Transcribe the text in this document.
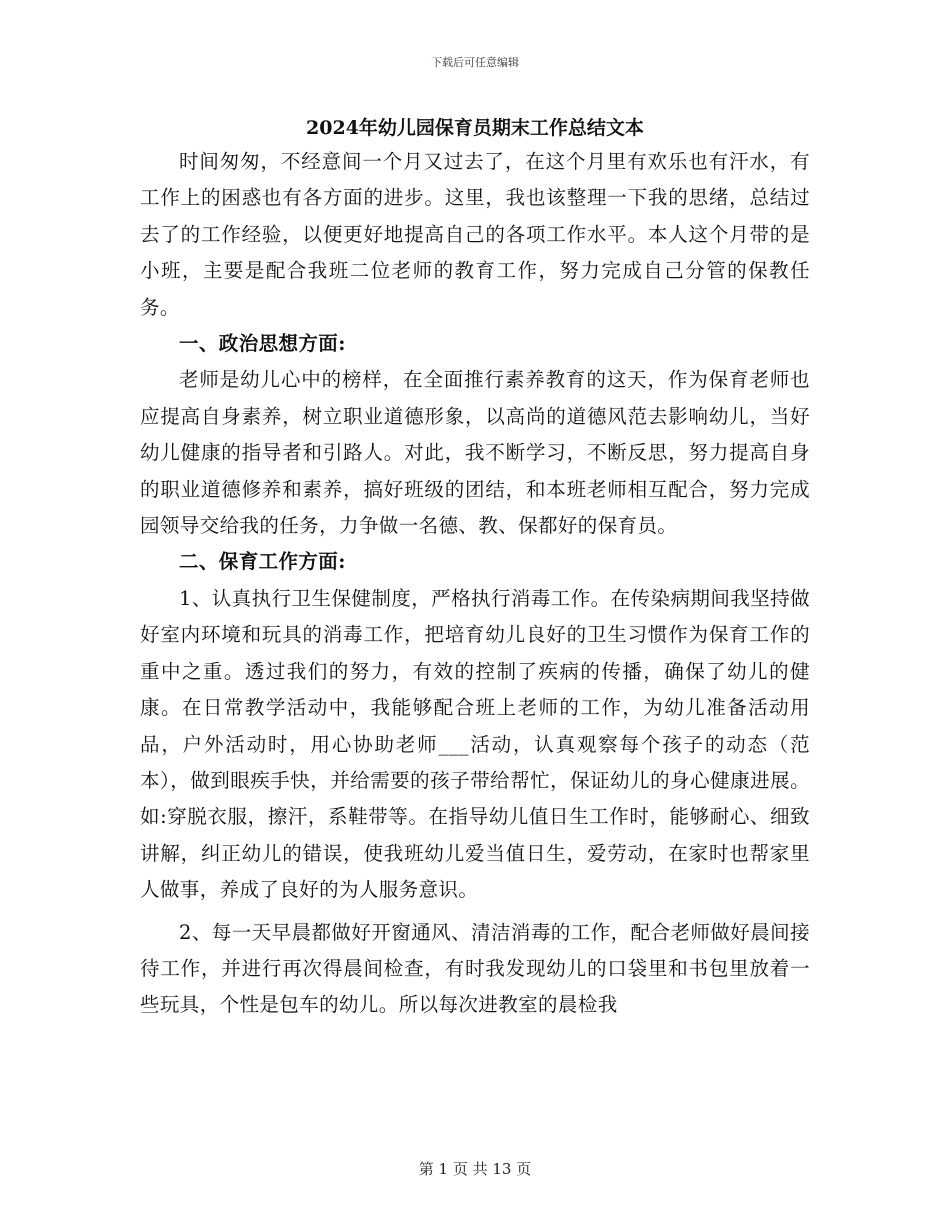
下载后可任意编辑
2024年幼儿园保育员期末工作总结文本

时间匆匆，不经意间一个月又过去了，在这个月里有欢乐也有汗水，有工作上的困惑也有各方面的进步。这里，我也该整理一下我的思绪，总结过去了的工作经验，以便更好地提高自己的各项工作水平。本人这个月带的是小班，主要是配合我班二位老师的教育工作，努力完成自己分管的保教任务。

一、政治思想方面:

老师是幼儿心中的榜样，在全面推行素养教育的这天，作为保育老师也应提高自身素养，树立职业道德形象，以高尚的道德风范去影响幼儿，当好幼儿健康的指导者和引路人。对此，我不断学习，不断反思，努力提高自身的职业道德修养和素养，搞好班级的团结，和本班老师相互配合，努力完成园领导交给我的任务，力争做一名德、教、保都好的保育员。

二、保育工作方面:

1、认真执行卫生保健制度，严格执行消毒工作。在传染病期间我坚持做好室内环境和玩具的消毒工作，把培育幼儿良好的卫生习惯作为保育工作的重中之重。透过我们的努力，有效的控制了疾病的传播，确保了幼儿的健康。在日常教学活动中，我能够配合班上老师的工作，为幼儿准备活动用品，户外活动时，用心协助老师___活动，认真观察每个孩子的动态（范本），做到眼疾手快，并给需要的孩子带给帮忙，保证幼儿的身心健康进展。如:穿脱衣服，擦汗，系鞋带等。在指导幼儿值日生工作时，能够耐心、细致讲解，纠正幼儿的错误，使我班幼儿爱当值日生，爱劳动，在家时也帮家里人做事，养成了良好的为人服务意识。

2、每一天早晨都做好开窗通风、清洁消毒的工作，配合老师做好晨间接待工作，并进行再次得晨间检查，有时我发现幼儿的口袋里和书包里放着一些玩具，个性是包车的幼儿。所以每次进教室的晨检我

第 1 页 共 13 页
